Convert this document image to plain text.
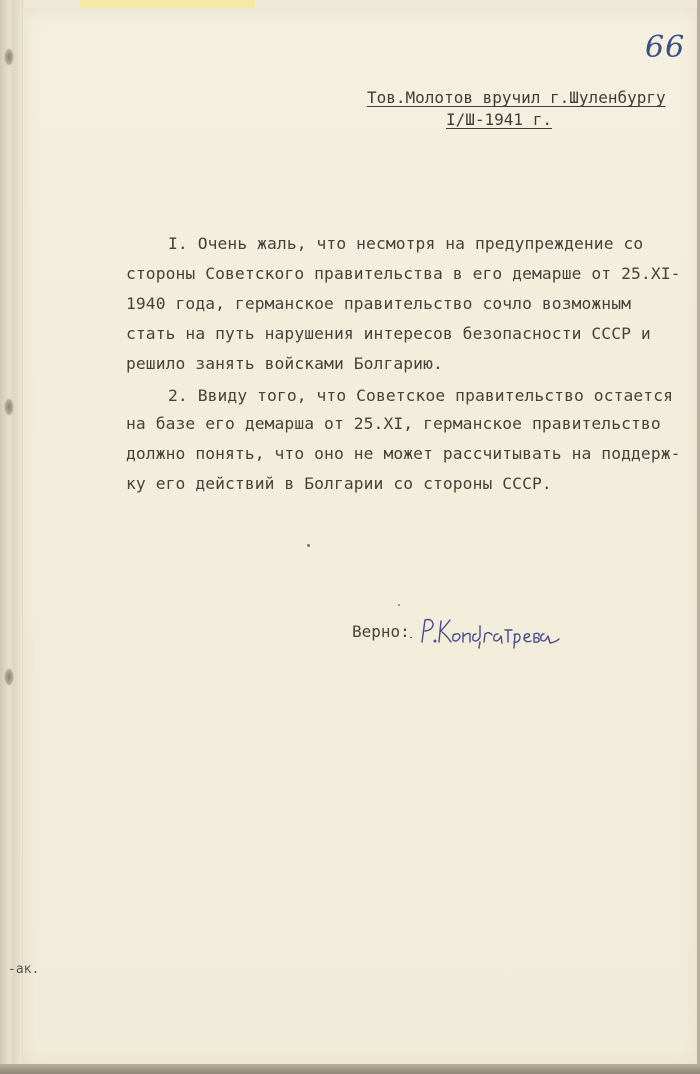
66
Тов.Молотов вручил г.Шуленбургу
I/Ш-1941 г.
I. Очень жаль, что несмотря на предупреждение со
стороны Советского правительства в его демарше от 25.XI-
1940 года, германское правительство сочло возможным
стать на путь нарушения интересов безопасности СССР и
решило занять войсками Болгарию.
2. Ввиду того, что Советское правительство остается
на базе его демарша от 25.XI, германское правительство
должно понять, что оно не может рассчитывать на поддерж-
ку его действий в Болгарии со стороны СССР.
Верно:
-ак.
